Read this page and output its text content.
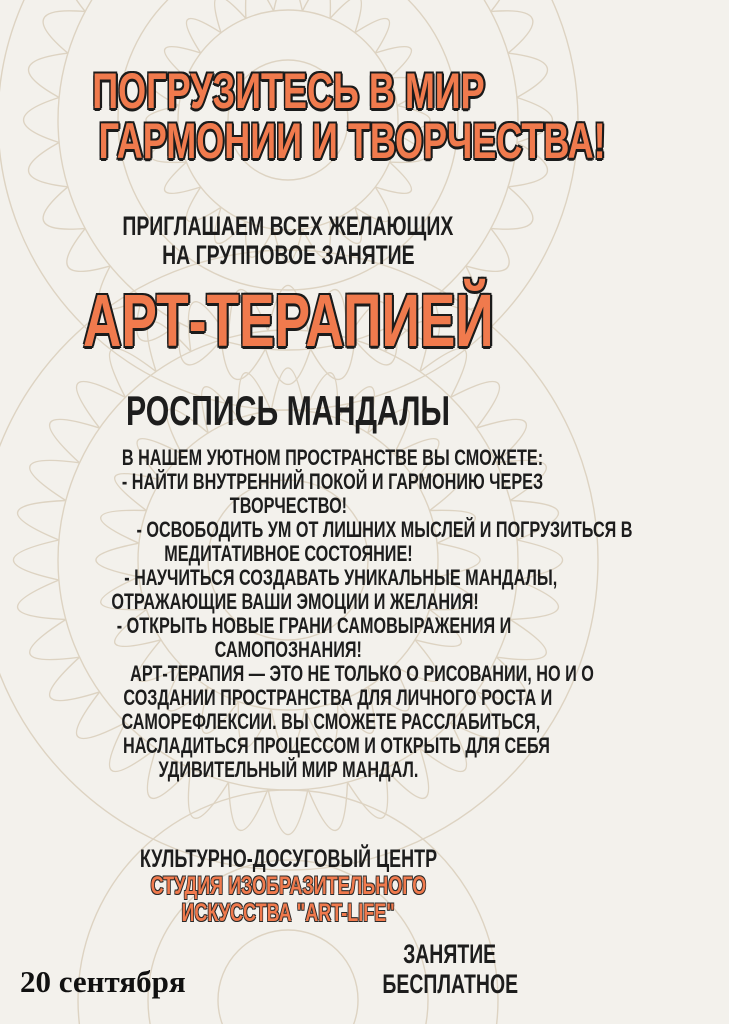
ПОГРУЗИТЕСЬ В МИР
ГАРМОНИИ И ТВОРЧЕСТВА!
ПРИГЛАШАЕМ ВСЕХ ЖЕЛАЮЩИХ
НА ГРУППОВОЕ ЗАНЯТИЕ
АРТ-ТЕРАПИЕЙ
РОСПИСЬ МАНДАЛЫ
В НАШЕМ УЮТНОМ ПРОСТРАНСТВЕ ВЫ СМОЖЕТЕ:
- НАЙТИ ВНУТРЕННИЙ ПОКОЙ И ГАРМОНИЮ ЧЕРЕЗ
ТВОРЧЕСТВО!
- ОСВОБОДИТЬ УМ ОТ ЛИШНИХ МЫСЛЕЙ И ПОГРУЗИТЬСЯ В
МЕДИТАТИВНОЕ СОСТОЯНИЕ!
- НАУЧИТЬСЯ СОЗДАВАТЬ УНИКАЛЬНЫЕ МАНДАЛЫ,
ОТРАЖАЮЩИЕ ВАШИ ЭМОЦИИ И ЖЕЛАНИЯ!
- ОТКРЫТЬ НОВЫЕ ГРАНИ САМОВЫРАЖЕНИЯ И
САМОПОЗНАНИЯ!
АРТ-ТЕРАПИЯ — ЭТО НЕ ТОЛЬКО О РИСОВАНИИ, НО И О
СОЗДАНИИ ПРОСТРАНСТВА ДЛЯ ЛИЧНОГО РОСТА И
САМОРЕФЛЕКСИИ. ВЫ СМОЖЕТЕ РАССЛАБИТЬСЯ,
НАСЛАДИТЬСЯ ПРОЦЕССОМ И ОТКРЫТЬ ДЛЯ СЕБЯ
УДИВИТЕЛЬНЫЙ МИР МАНДАЛ.
КУЛЬТУРНО-ДОСУГОВЫЙ ЦЕНТР
СТУДИЯ ИЗОБРАЗИТЕЛЬНОГО
ИСКУССТВА "ART-LIFE"
20 сентября
ЗАНЯТИЕ
БЕСПЛАТНОЕ
